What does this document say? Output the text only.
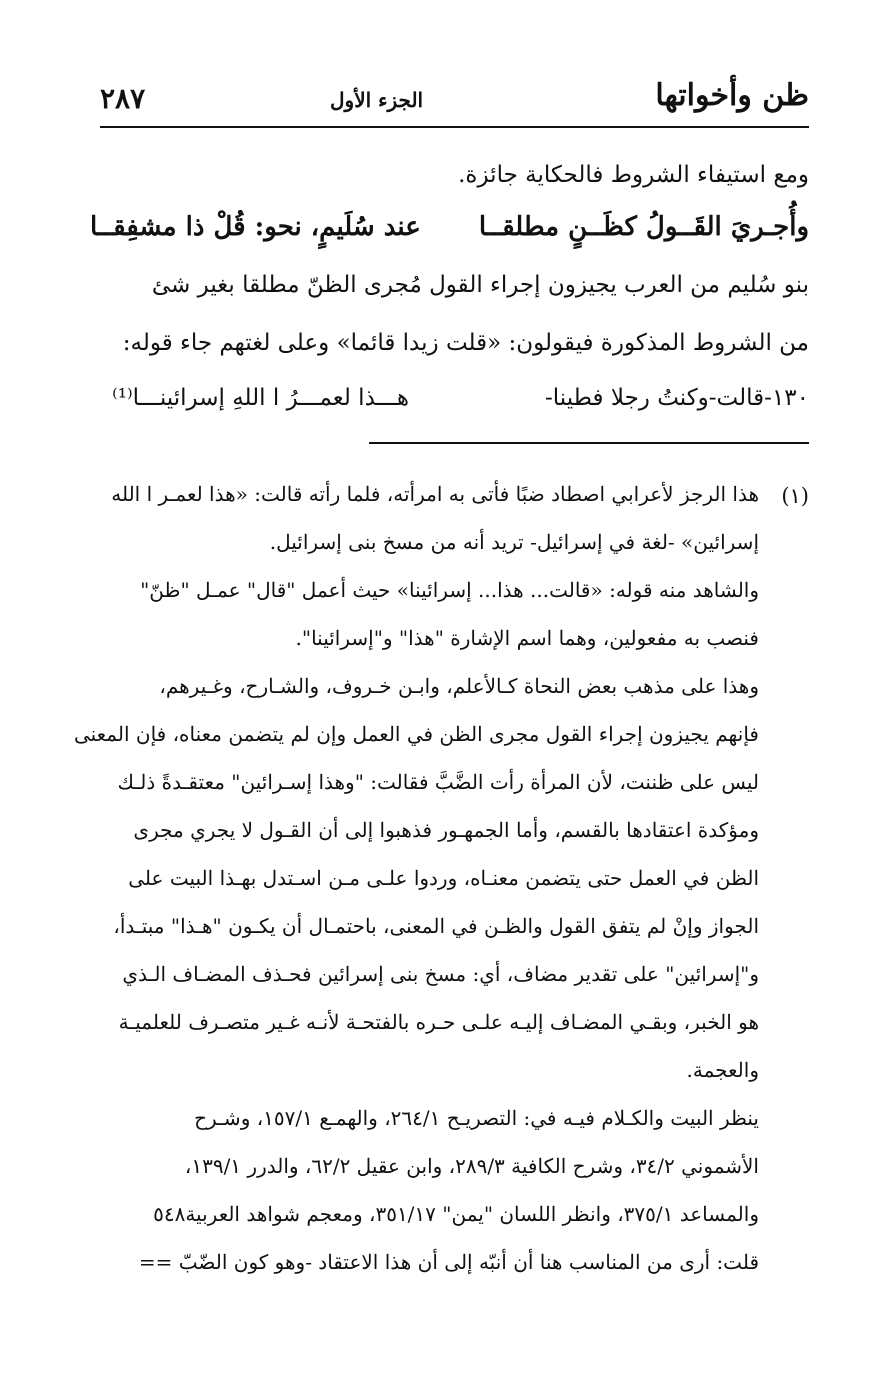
ظن وأخواتها
الجزء الأول
٢٨٧
ومع استيفاء الشروط فالحكاية جائزة.
وأُجـريَ القَــولُ كظَــنٍ مطلقــا
عند سُلَيمٍ، نحو: قُلْ ذا مشفِقــا
بنو سُليم من العرب يجيزون إجراء القول مُجرى الظنّ مطلقا بغير شئ
من الشروط المذكورة فيقولون: «قلت زيدا قائما» وعلى لغتهم جاء قوله:
١٣٠-قالت-وكنتُ رجلا فطينا-
هـــذا لعمـــرُ ا اللهِ إسرائينـــا⁽¹⁾
(١)
هذا الرجز لأعرابي اصطاد ضبًا فأتى به امرأته، فلما رأته قالت: «هذا لعمـر ا الله
إسرائين» -لغة في إسرائيل- تريد أنه من مسخ بنى إسرائيل.
والشاهد منه قوله: «قالت... هذا... إسرائينا» حيث أعمل "قال" عمـل "ظنّ"
فنصب به مفعولين، وهما اسم الإشارة "هذا" و"إسرائينا".
وهذا على مذهب بعض النحاة كـالأعلم، وابـن خـروف، والشـارح، وغـيرهم،
فإنهم يجيزون إجراء القول مجرى الظن في العمل وإن لم يتضمن معناه، فإن المعنى
ليس على ظننت، لأن المرأة رأت الضَّبَّ فقالت: "وهذا إسـرائين" معتقـدةً ذلـك
ومؤكدة اعتقادها بالقسم، وأما الجمهـور فذهبوا إلى أن القـول لا يجري مجرى
الظن في العمل حتى يتضمن معنـاه، وردوا علـى مـن اسـتدل بهـذا البيت على
الجواز وإنْ لم يتفق القول والظـن في المعنى، باحتمـال أن يكـون "هـذا" مبتـدأ،
و"إسرائين" على تقدير مضاف، أي: مسخ بنى إسرائين فحـذف المضـاف الـذي
هو الخبر، وبقـي المضـاف إليـه علـى حـره بالفتحـة لأنـه غـير متصـرف للعلميـة
والعجمة.
ينظر البيت والكـلام فيـه في: التصريـح ٢٦٤/١، والهمـع ١٥٧/١، وشـرح
الأشموني ٣٤/٢، وشرح الكافية ٢٨٩/٣، وابن عقيل ٦٢/٢، والدرر ١٣٩/١،
والمساعد ٣٧٥/١، وانظر اللسان "يمن" ٣٥١/١٧، ومعجم شواهد العربية٥٤٨
قلت: أرى من المناسب هنا أن أنبّه إلى أن هذا الاعتقاد -وهو كون الضّبّ ==
